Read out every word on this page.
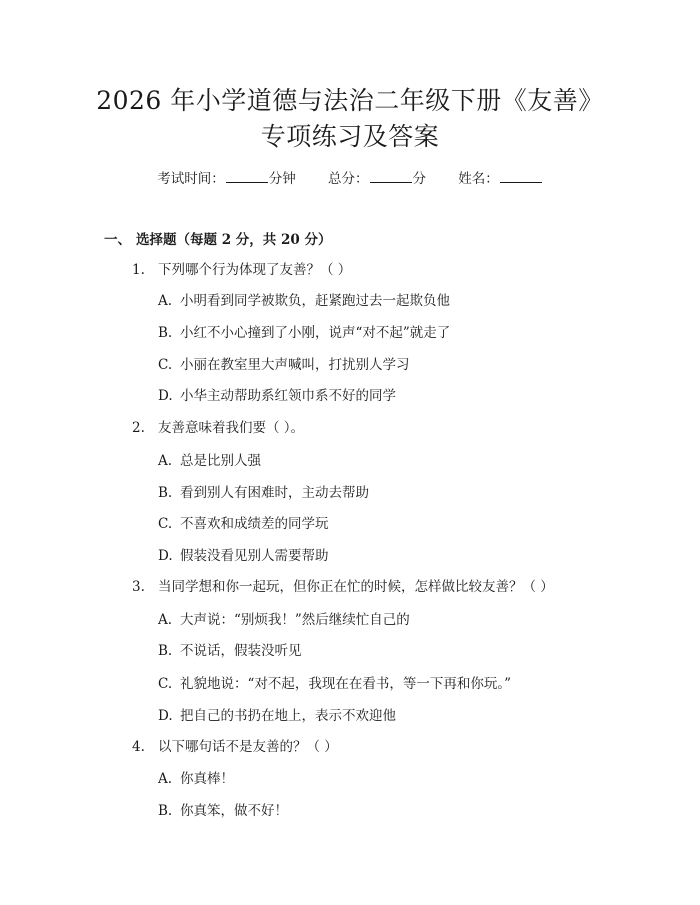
2026 年小学道德与法治二年级下册《友善》
专项练习及答案
考试时间：	分钟 总分：	分 姓名：
一、 选择题（每题 2 分，共 20 分）
1. 下列哪个行为体现了友善？（ ）
A. 小明看到同学被欺负，赶紧跑过去一起欺负他
B. 小红不小心撞到了小刚，说声“对不起”就走了
C. 小丽在教室里大声喊叫，打扰别人学习
D. 小华主动帮助系红领巾系不好的同学
2. 友善意味着我们要（ ）。
A. 总是比别人强
B. 看到别人有困难时，主动去帮助
C. 不喜欢和成绩差的同学玩
D. 假装没看见别人需要帮助
3. 当同学想和你一起玩，但你正在忙的时候，怎样做比较友善？（ ）
A. 大声说：“别烦我！”然后继续忙自己的
B. 不说话，假装没听见
C. 礼貌地说：“对不起，我现在在看书，等一下再和你玩。”
D. 把自己的书扔在地上，表示不欢迎他
4. 以下哪句话不是友善的？（ ）
A. 你真棒！
B. 你真笨，做不好！
